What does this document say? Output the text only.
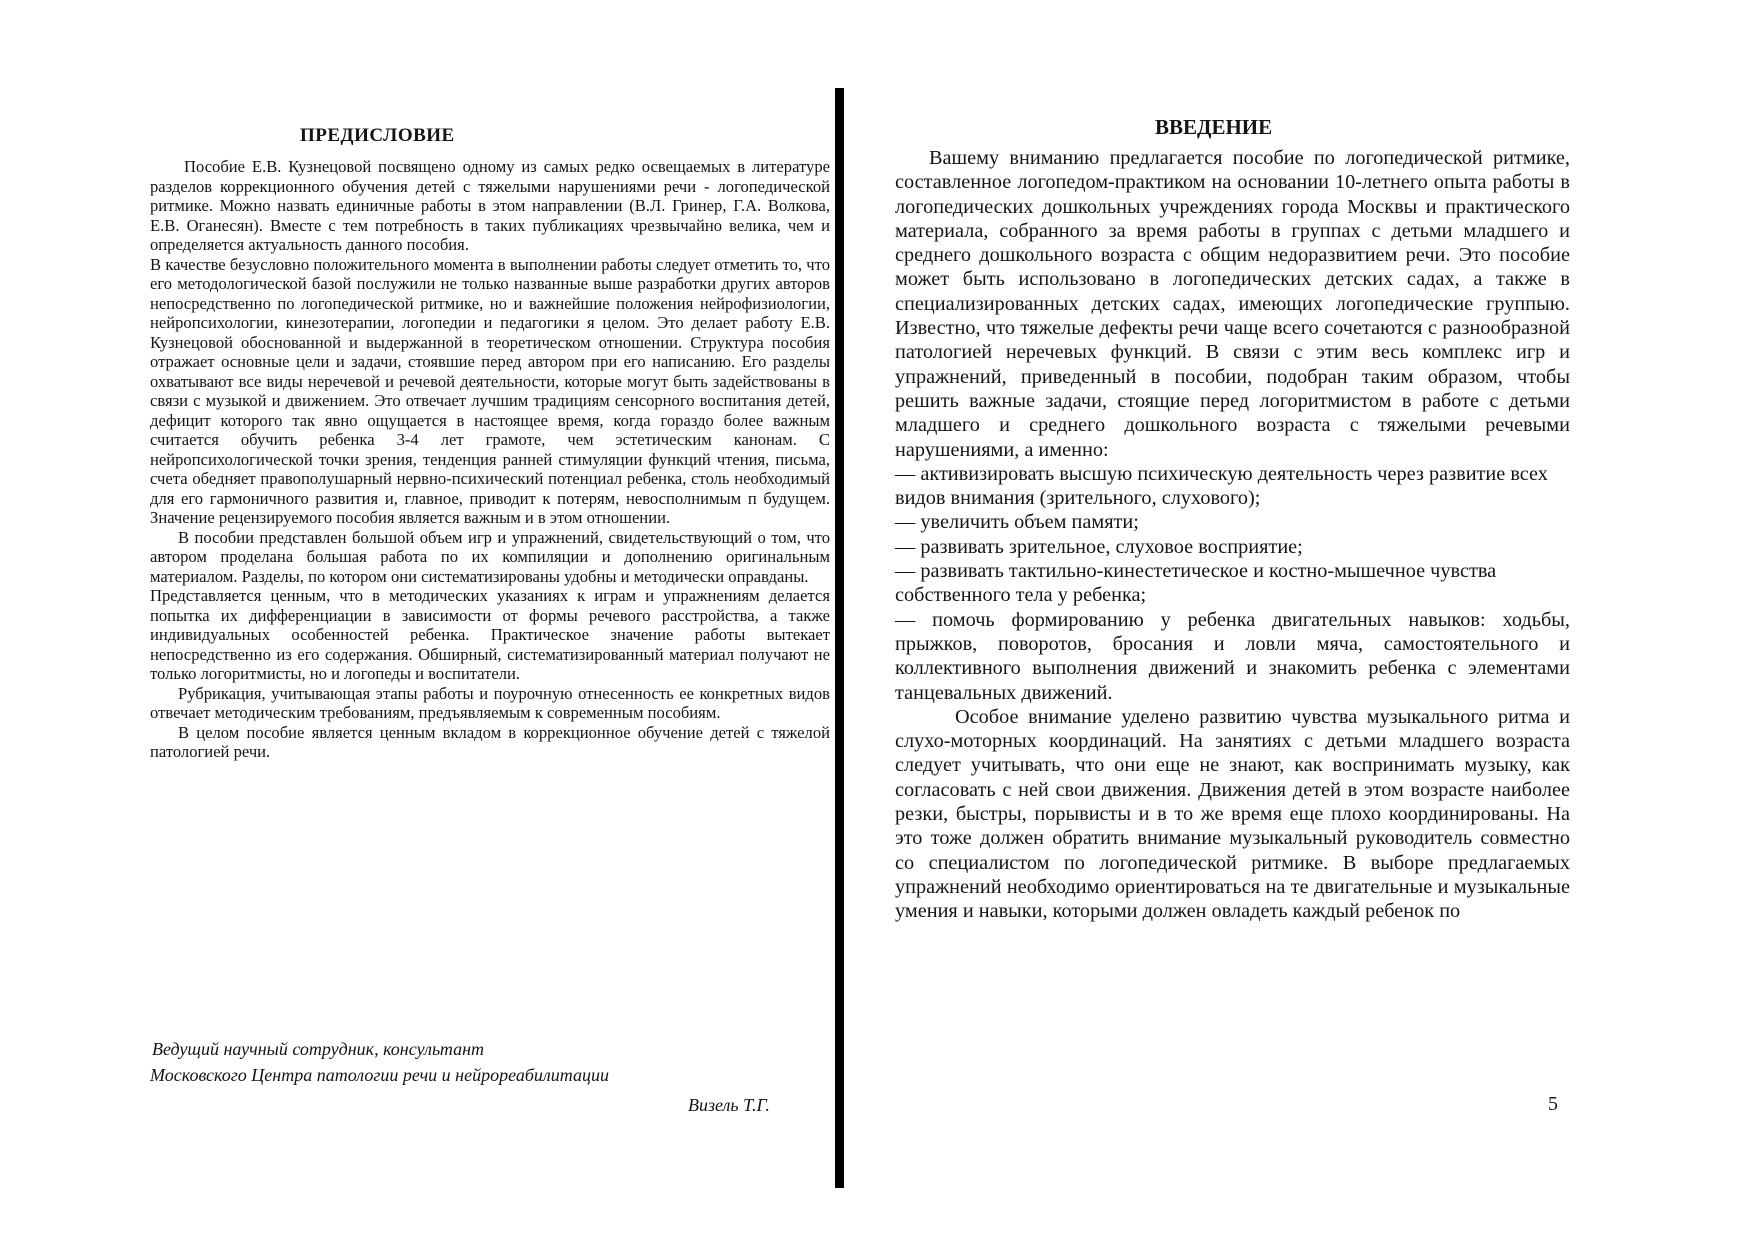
ПРЕДИСЛОВИЕ

Пособие Е.В. Кузнецовой посвящено одному из самых редко освещаемых в литературе разделов коррекционного обучения детей с тяжелыми нарушениями речи - логопедической ритмике. Можно назвать единичные работы в этом направлении (В.Л. Гринер, Г.А. Волкова, Е.В. Оганесян). Вместе с тем потребность в таких публикациях чрезвычайно велика, чем и определяется актуальность данного пособия.

В качестве безусловно положительного момента в выполнении работы следует отметить то, что его методологической базой послужили не только названные выше разработки других авторов непосредственно по логопедической ритмике, но и важнейшие положения нейрофизиологии, нейропсихологии, кинезотерапии, логопедии и педагогики я целом. Это делает работу Е.В. Кузнецовой обоснованной и выдержанной в теоретическом отношении. Структура пособия отражает основные цели и задачи, стоявшие перед автором при его написанию. Его разделы охватывают все виды неречевой и речевой деятельности, которые могут быть задействованы в связи с музыкой и движением. Это отвечает лучшим традициям сенсорного воспитания детей, дефицит которого так явно ощущается в настоящее время, когда гораздо более важным считается обучить ребенка 3-4 лет грамоте, чем эстетическим канонам. С нейропсихологической точки зрения, тенденция ранней стимуляции функций чтения, письма, счета обедняет правополушарный нервно-психический потенциал ребенка, столь необходимый для его гармоничного развития и, главное, приводит к потерям, невосполнимым п будущем. Значение рецензируемого пособия является важным и в этом отношении.

В пособии представлен большой объем игр и упражнений, свидетельствующий о том, что автором проделана большая работа по их компиляции и дополнению оригинальным материалом. Разделы, по котором они систематизированы удобны и методически оправданы.

Представляется ценным, что в методических указаниях к играм и упражнениям делается попытка их дифференциации в зависимости от формы речевого расстройства, а также индивидуальных особенностей ребенка. Практическое значение работы вытекает непосредственно из его содержания. Обширный, систематизированный материал получают не только логоритмисты, но и логопеды и воспитатели.

Рубрикация, учитывающая этапы работы и поурочную отнесенность ее конкретных видов отвечает методическим требованиям, предъявляемым к современным пособиям.

В целом пособие является ценным вкладом в коррекционное обучение детей с тяжелой патологией речи.

Ведущий научный сотрудник, консультант
Московского Центра патологии речи и нейрореабилитации
Визель Т.Г.
ВВЕДЕНИЕ

Вашему вниманию предлагается пособие по логопедической ритмике, составленное логопедом-практиком на основании 10-летнего опыта работы в логопедических дошкольных учреждениях города Москвы и практического материала, собранного за время работы в группах с детьми младшего и среднего дошкольного возраста с общим недоразвитием речи. Это пособие может быть использовано в логопедических детских садах, а также в специализированных детских садах, имеющих логопедические группыю. Известно, что тяжелые дефекты речи чаще всего сочетаются с разнообразной патологией неречевых функций. В связи с этим весь комплекс игр и упражнений, приведенный в пособии, подобран таким образом, чтобы решить важные задачи, стоящие перед логоритмистом в работе с детьми младшего и среднего дошкольного возраста с тяжелыми речевыми нарушениями, а именно:

— активизировать высшую психическую деятельность через развитие всех видов внимания (зрительного, слухового);

— увеличить объем памяти;

— развивать зрительное, слуховое восприятие;

— развивать тактильно-кинестетическое и костно-мышечное чувства собственного тела у ребенка;

— помочь формированию у ребенка двигательных навыков: ходьбы, прыжков, поворотов, бросания и ловли мяча, самостоятельного и коллективного выполнения движений и знакомить ребенка с элементами танцевальных движений.

Особое внимание уделено развитию чувства музыкального ритма и слухо-моторных координаций. На занятиях с детьми младшего возраста следует учитывать, что они еще не знают, как воспринимать музыку, как согласовать с ней свои движения. Движения детей в этом возрасте наиболее резки, быстры, порывисты и в то же время еще плохо координированы. На это тоже должен обратить внимание музыкальный руководитель совместно со специалистом по логопедической ритмике. В выборе предлагаемых упражнений необходимо ориентироваться на те двигательные и музыкальные умения и навыки, которыми должен овладеть каждый ребенок по

5
